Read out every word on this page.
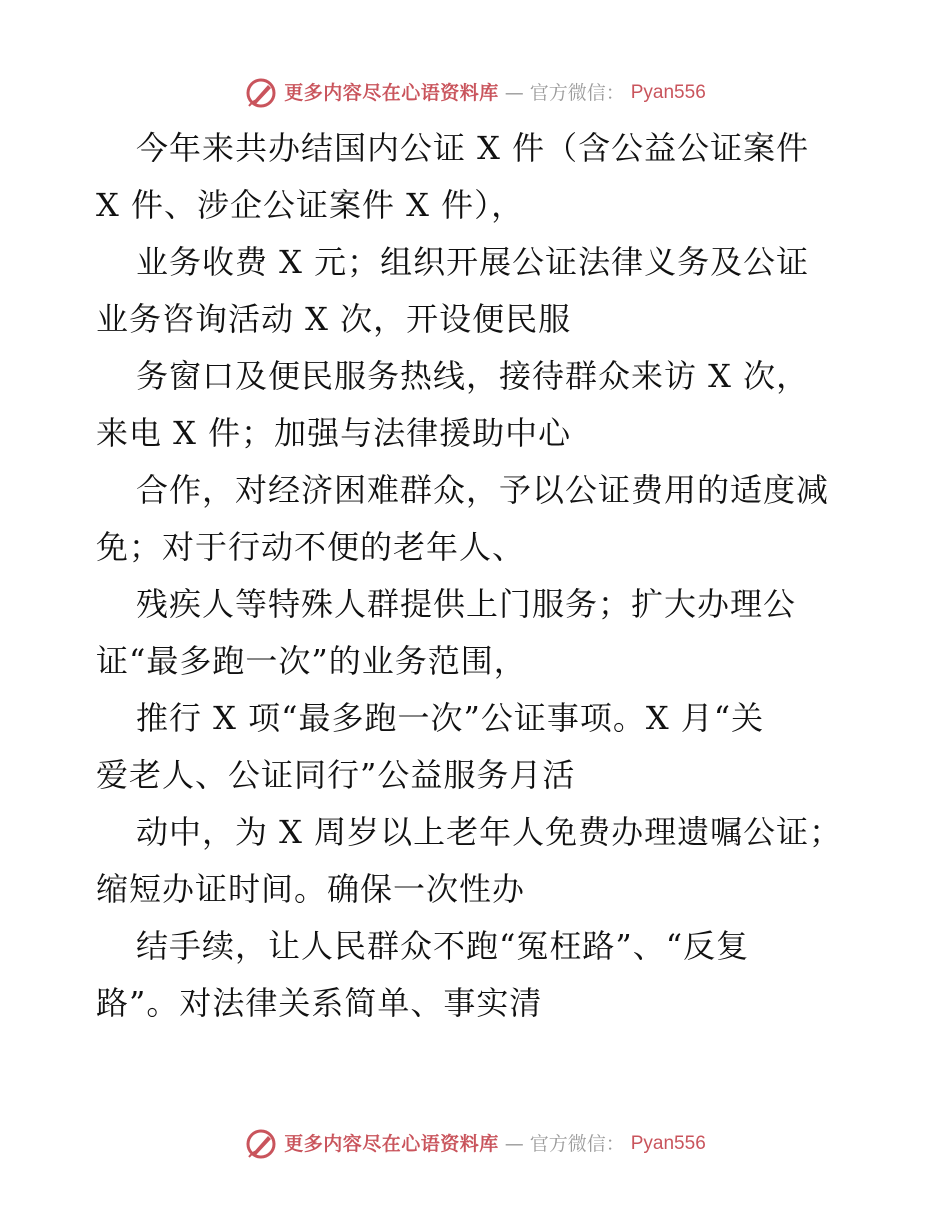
更多内容尽在心语资料库 — 官方微信： Pyan556
今年来共办结国内公证 X 件（含公益公证案件
X 件、涉企公证案件 X 件），
业务收费 X 元；组织开展公证法律义务及公证
业务咨询活动 X 次，开设便民服
务窗口及便民服务热线，接待群众来访 X 次，
来电 X 件；加强与法律援助中心
合作，对经济困难群众，予以公证费用的适度减
免；对于行动不便的老年人、
残疾人等特殊人群提供上门服务；扩大办理公
证“最多跑一次”的业务范围，
推行 X 项“最多跑一次”公证事项。X 月“关
爱老人、公证同行”公益服务月活
动中，为 X 周岁以上老年人免费办理遗嘱公证；
缩短办证时间。确保一次性办
结手续，让人民群众不跑“冤枉路”、“反复
路”。对法律关系简单、事实清
更多内容尽在心语资料库 — 官方微信： Pyan556
